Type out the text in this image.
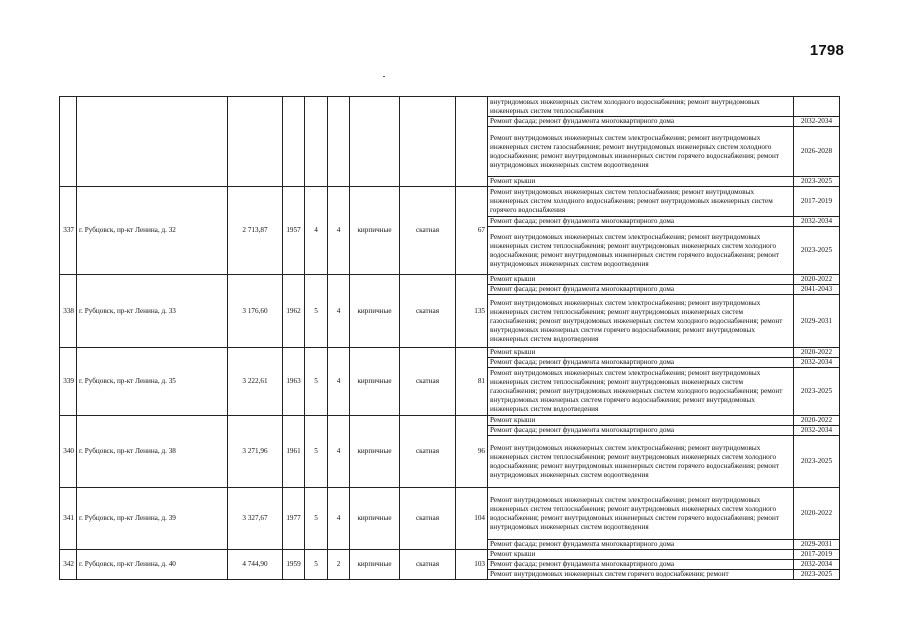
1798
									внутридомовых инженерных систем холодного водоснабжения; ремонт внутридомовых инженерных систем теплоснабжения	
									Ремонт фасада; ремонт фундамента многоквартирного дома	2032-2034
									Ремонт внутридомовых инженерных систем электроснабжения; ремонт внутридомовых инженерных систем газоснабжения; ремонт внутридомовых инженерных систем холодного водоснабжения; ремонт внутридомовых инженерных систем горячего водоснабжения; ремонт внутридомовых инженерных систем водоотведения	2026-2028
									Ремонт крыши	2023-2025
337	г. Рубцовск, пр-кт Ленина, д. 32	2 713,87	1957	4	4	кирпичные	скатная	67	Ремонт внутридомовых инженерных систем теплоснабжения; ремонт внутридомовых инженерных систем холодного водоснабжения; ремонт внутридомовых инженерных систем горячего водоснабжения	2017-2019
									Ремонт фасада; ремонт фундамента многоквартирного дома	2032-2034
									Ремонт внутридомовых инженерных систем электроснабжения; ремонт внутридомовых инженерных систем теплоснабжения; ремонт внутридомовых инженерных систем холодного водоснабжения; ремонт внутридомовых инженерных систем горячего водоснабжения; ремонт внутридомовых инженерных систем водоотведения	2023-2025
338	г. Рубцовск, пр-кт Ленина, д. 33	3 176,60	1962	5	4	кирпичные	скатная	135	Ремонт крыши	2020-2022
									Ремонт фасада; ремонт фундамента многоквартирного дома	2041-2043
									Ремонт внутридомовых инженерных систем электроснабжения; ремонт внутридомовых инженерных систем теплоснабжения; ремонт внутридомовых инженерных систем газоснабжения; ремонт внутридомовых инженерных систем холодного водоснабжения; ремонт внутридомовых инженерных систем горячего водоснабжения; ремонт внутридомовых инженерных систем водоотведения	2029-2031
339	г. Рубцовск, пр-кт Ленина, д. 35	3 222,61	1963	5	4	кирпичные	скатная	81	Ремонт крыши	2020-2022
									Ремонт фасада; ремонт фундамента многоквартирного дома	2032-2034
									Ремонт внутридомовых инженерных систем электроснабжения; ремонт внутридомовых инженерных систем теплоснабжения; ремонт внутридомовых инженерных систем газоснабжения; ремонт внутридомовых инженерных систем холодного водоснабжения; ремонт внутридомовых инженерных систем горячего водоснабжения; ремонт внутридомовых инженерных систем водоотведения	2023-2025
340	г. Рубцовск, пр-кт Ленина, д. 38	3 271,96	1961	5	4	кирпичные	скатная	96	Ремонт крыши	2020-2022
									Ремонт фасада; ремонт фундамента многоквартирного дома	2032-2034
									Ремонт внутридомовых инженерных систем электроснабжения; ремонт внутридомовых инженерных систем теплоснабжения; ремонт внутридомовых инженерных систем холодного водоснабжения; ремонт внутридомовых инженерных систем горячего водоснабжения; ремонт внутридомовых инженерных систем водоотведения	2023-2025
341	г. Рубцовск, пр-кт Ленина, д. 39	3 327,67	1977	5	4	кирпичные	скатная	104	Ремонт внутридомовых инженерных систем электроснабжения; ремонт внутридомовых инженерных систем теплоснабжения; ремонт внутридомовых инженерных систем холодного водоснабжения; ремонт внутридомовых инженерных систем горячего водоснабжения; ремонт внутридомовых инженерных систем водоотведения	2020-2022
									Ремонт фасада; ремонт фундамента многоквартирного дома	2029-2031
342	г. Рубцовск, пр-кт Ленина, д. 40	4 744,90	1959	5	2	кирпичные	скатная	103	Ремонт крыши	2017-2019
									Ремонт фасада; ремонт фундамента многоквартирного дома	2032-2034
									Ремонт внутридомовых инженерных систем горячего водоснабжения; ремонт	2023-2025
